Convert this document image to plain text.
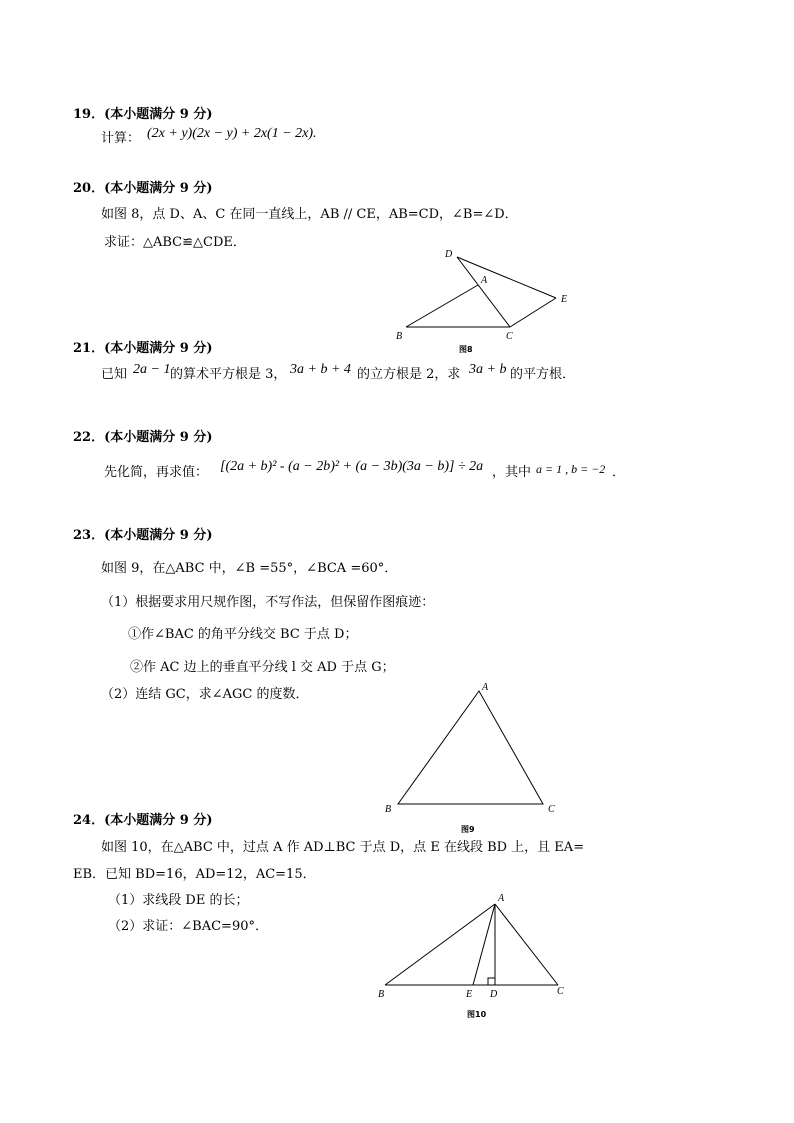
19．(本小题满分 9 分)
计算： (2x + y)(2x − y) + 2x(1 − 2x).
20．(本小题满分 9 分)
如图 8，点 D、A、C 在同一直线上，AB // CE，AB=CD，∠B=∠D．
求证：△ABC≌△CDE．
D
A
E
B	C
图8
21．(本小题满分 9 分)
已知 2a − 1 的算术平方根是 3， 3a + b + 4 的立方根是 2，求 3a + b 的平方根．
22．(本小题满分 9 分)
先化简，再求值： [(2a + b)² - (a − 2b)² + (a − 3b)(3a − b)] ÷ 2a ，其中 a = 1 , b = −2 ．
23．(本小题满分 9 分)
如图 9，在△ABC 中，∠B =55°，∠BCA =60°．
（1）根据要求用尺规作图，不写作法，但保留作图痕迹：
①作∠BAC 的角平分线交 BC 于点 D；
②作 AC 边上的垂直平分线 l 交 AD 于点 G；
（2）连结 GC，求∠AGC 的度数．	A
B	C
图9
24．(本小题满分 9 分)
如图 10，在△ABC 中，过点 A 作 AD⊥BC 于点 D，点 E 在线段 BD 上，且 EA=
EB．已知 BD=16，AD=12，AC=15．
（1）求线段 DE 的长；
（2）求证：∠BAC=90°．
A
B	E D	C
图10
